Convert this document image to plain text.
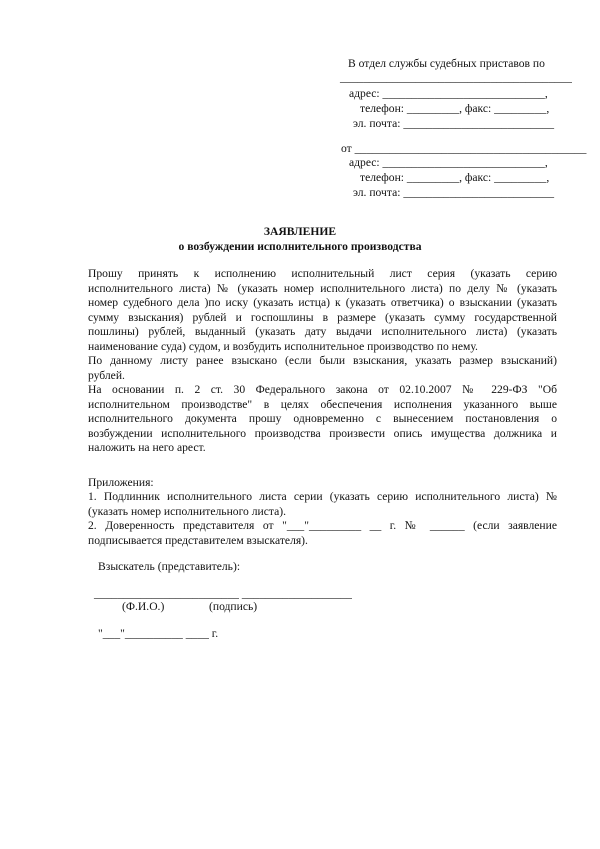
В отдел службы судебных приставов по
________________________________________
адрес: ____________________________,
телефон: _________, факс: _________,
эл. почта: __________________________
от ________________________________________
адрес: ____________________________,
телефон: _________, факс: _________,
эл. почта: __________________________
ЗАЯВЛЕНИЕ
о возбуждении исполнительного производства
Прошу принять к исполнению исполнительный лист серия (указать серию
исполнительного листа) № (указать номер исполнительного листа) по делу № (указать
номер судебного дела )по иску (указать истца) к (указать ответчика) о взыскании (указать
сумму взыскания) рублей и госпошлины в размере (указать сумму государственной
пошлины) рублей, выданный (указать дату выдачи исполнительного листа) (указать
наименование суда) судом, и возбудить исполнительное производство по нему.
По данному листу ранее взыскано (если были взыскания, указать размер взысканий)
рублей.
На основании п. 2 ст. 30 Федерального закона от 02.10.2007 № 229-ФЗ "Об
исполнительном производстве" в целях обеспечения исполнения указанного выше
исполнительного документа прошу одновременно с вынесением постановления о
возбуждении исполнительного производства произвести опись имущества должника и
наложить на него арест.
Приложения:
1. Подлинник исполнительного листа серии (указать серию исполнительного листа) №
(указать номер исполнительного листа).
2. Доверенность представителя от "___"_________ __ г. № ______ (если заявление
подписывается представителем взыскателя).
Взыскатель (представитель):
_________________________ ___________________
(Ф.И.О.)	(подпись)
"___"__________ ____ г.
